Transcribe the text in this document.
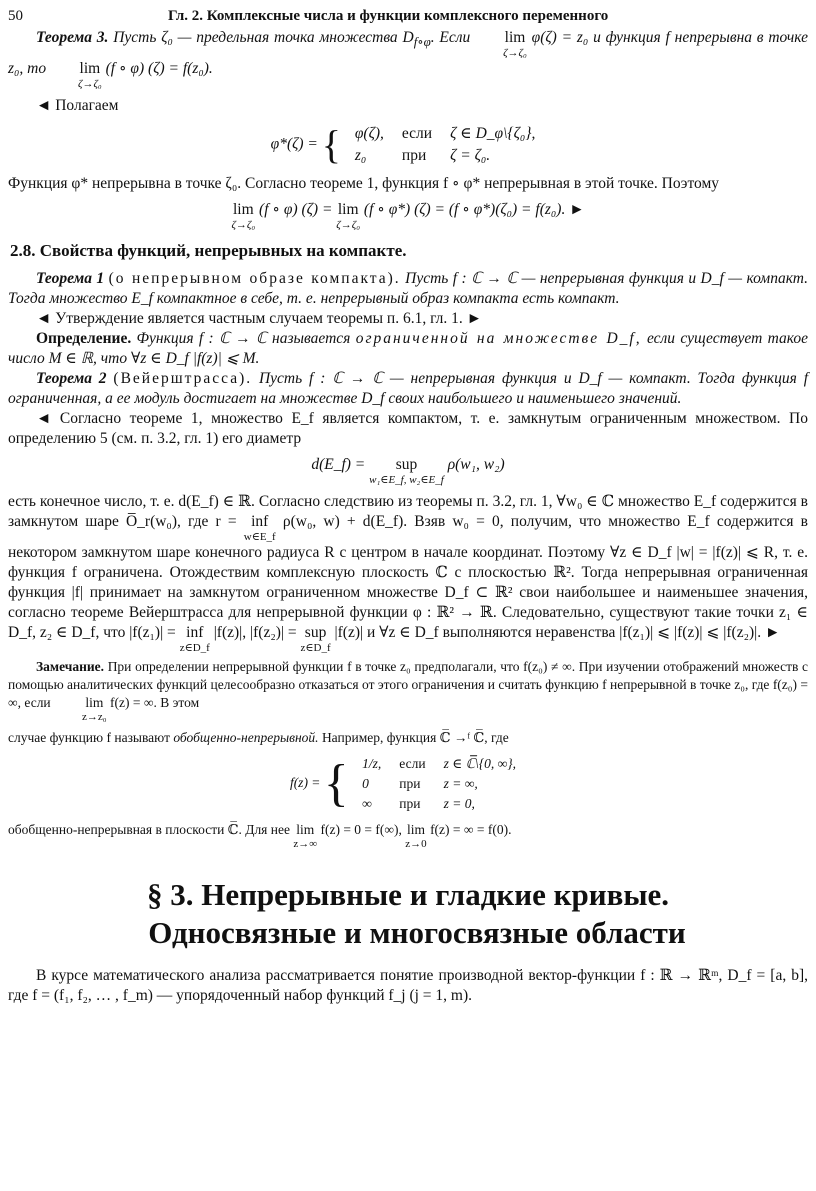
50	Гл. 2. Комплексные числа и функции комплексного переменного

Теорема 3. Пусть ζ₀ — предельная точка множества $D_{f\circ\varphi}$. Если lim
ζ→ζ₀
φ(ζ) = z₀ и функция f непрерывна в точке z₀, то lim
ζ→ζ₀
(f ∘ φ) (ζ) = f(z₀).

◄ Полагаем

φ*(ζ) = { φ(ζ),	если	ζ ∈ D_φ\{ζ₀},
z₀	при	ζ = ζ₀.

Функция φ* непрерывна в точке ζ₀. Согласно теореме 1, функция f ∘ φ* непрерывная в этой точке. Поэтому

lim
ζ→ζ₀
(f ∘ φ) (ζ) = lim
ζ→ζ₀
(f ∘ φ*) (ζ) = (f ∘ φ*)(ζ₀) = f(z₀). ►
2.8. Свойства функций, непрерывных на компакте.

Теорема 1 (о непрерывном образе компакта). Пусть f : ℂ → ℂ — непрерывная функция и D_f — компакт. Тогда множество E_f компактное в себе, т. е. непрерывный образ компакта есть компакт.

◄ Утверждение является частным случаем теоремы п. 6.1, гл. 1. ►

Определение. Функция f : ℂ → ℂ называется ограниченной на множестве D_f, если существует такое число M ∈ ℝ, что ∀z ∈ D_f |f(z)| ⩽ M.

Теорема 2 (Вейерштрасса). Пусть f : ℂ → ℂ — непрерывная функция и D_f — компакт. Тогда функция f ограниченная, а ее модуль достигает на множестве D_f своих наибольшего и наименьшего значений.

◄ Согласно теореме 1, множество E_f является компактом, т. е. замкнутым ограниченным множеством. По определению 5 (см. п. 3.2, гл. 1) его диаметр

d(E_f) = sup
w₁∈E_f, w₂∈E_f
ρ(w₁, w₂)

есть конечное число, т. е. d(E_f) ∈ ℝ. Согласно следствию из теоремы п. 3.2, гл. 1, ∀w₀ ∈ ℂ множество E_f содержится в замкнутом шаре O̅_r(w₀), где r = inf
w∈E_f
ρ(w₀, w) + d(E_f). Взяв w₀ = 0, получим, что множество E_f содержится в некотором замкнутом шаре конечного радиуса R с центром в начале координат. Поэтому ∀z ∈ D_f |w| = |f(z)| ⩽ R, т. е. функция f ограничена. Отождествим комплексную плоскость ℂ с плоскостью ℝ². Тогда непрерывная ограниченная функция |f| принимает на замкнутом ограниченном множестве D_f ⊂ ℝ² свои наибольшее и наименьшее значения, согласно теореме Вейерштрасса для непрерывной функции φ : ℝ² → ℝ. Следовательно, существуют такие точки z₁ ∈ D_f, z₂ ∈ D_f, что |f(z₁)| = inf
z∈D_f
|f(z)|, |f(z₂)| = sup
z∈D_f
|f(z)| и ∀z ∈ D_f выполняются неравенства |f(z₁)| ⩽ |f(z)| ⩽ |f(z₂)|. ►

Замечание. При определении непрерывной функции f в точке z₀ предполагали, что f(z₀) ≠ ∞. При изучении отображений множеств с помощью аналитических функций целесообразно отказаться от этого ограничения и считать функцию f непрерывной в точке z₀, где f(z₀) = ∞, если	lim
z→z₀
f(z) = ∞. В этом

случае функцию f называют обобщенно-непрерывной. Например, функция ℂ̅ →ᶠ ℂ̅, где

f(z) = { 1/z,	если	z ∈ ℂ̅\{0, ∞},
0	при	z = ∞,
∞	при	z = 0,

обобщенно-непрерывная в плоскости ℂ̅. Для нее lim
z→∞
f(z) = 0 = f(∞), lim
z→0
f(z) = ∞ = f(0).

§ 3. Непрерывные и гладкие кривые.
Односвязные и многосвязные области

В курсе математического анализа рассматривается понятие производной вектор-функции f : ℝ → ℝᵐ, D_f = [a, b], где f = (f₁, f₂, … , f_m) — упорядоченный набор функций f_j (j = 1, m).
